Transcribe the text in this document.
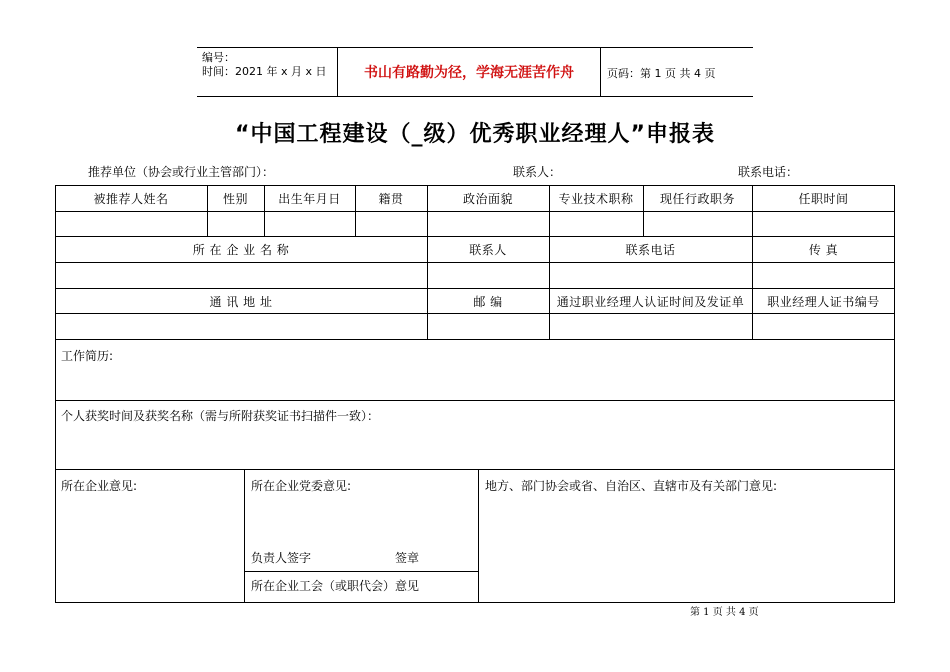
编号：
时间：2021 年 x 月 x 日	书山有路勤为径，学海无涯苦作舟	页码：第 1 页 共 4 页
“中国工程建设（_级）优秀职业经理人”申报表
推荐单位（协会或行业主管部门）：	联系人：	联系电话：
被推荐人姓名	性别	出生年月日	籍贯	政治面貌	专业技术职称	现任行政职务	任职时间
所 在 企 业 名 称	联系人	联系电话	传 真
通 讯 地 址	邮 编	通过职业经理人认证时间及发证单	职业经理人证书编号
工作简历:
个人获奖时间及获奖名称（需与所附获奖证书扫描件一致）：
所在企业意见:	所在企业党委意见:
负责人签字	签章
所在企业工会（或职代会）意见
地方、部门协会或省、自治区、直辖市及有关部门意见:
第 1 页 共 4 页
